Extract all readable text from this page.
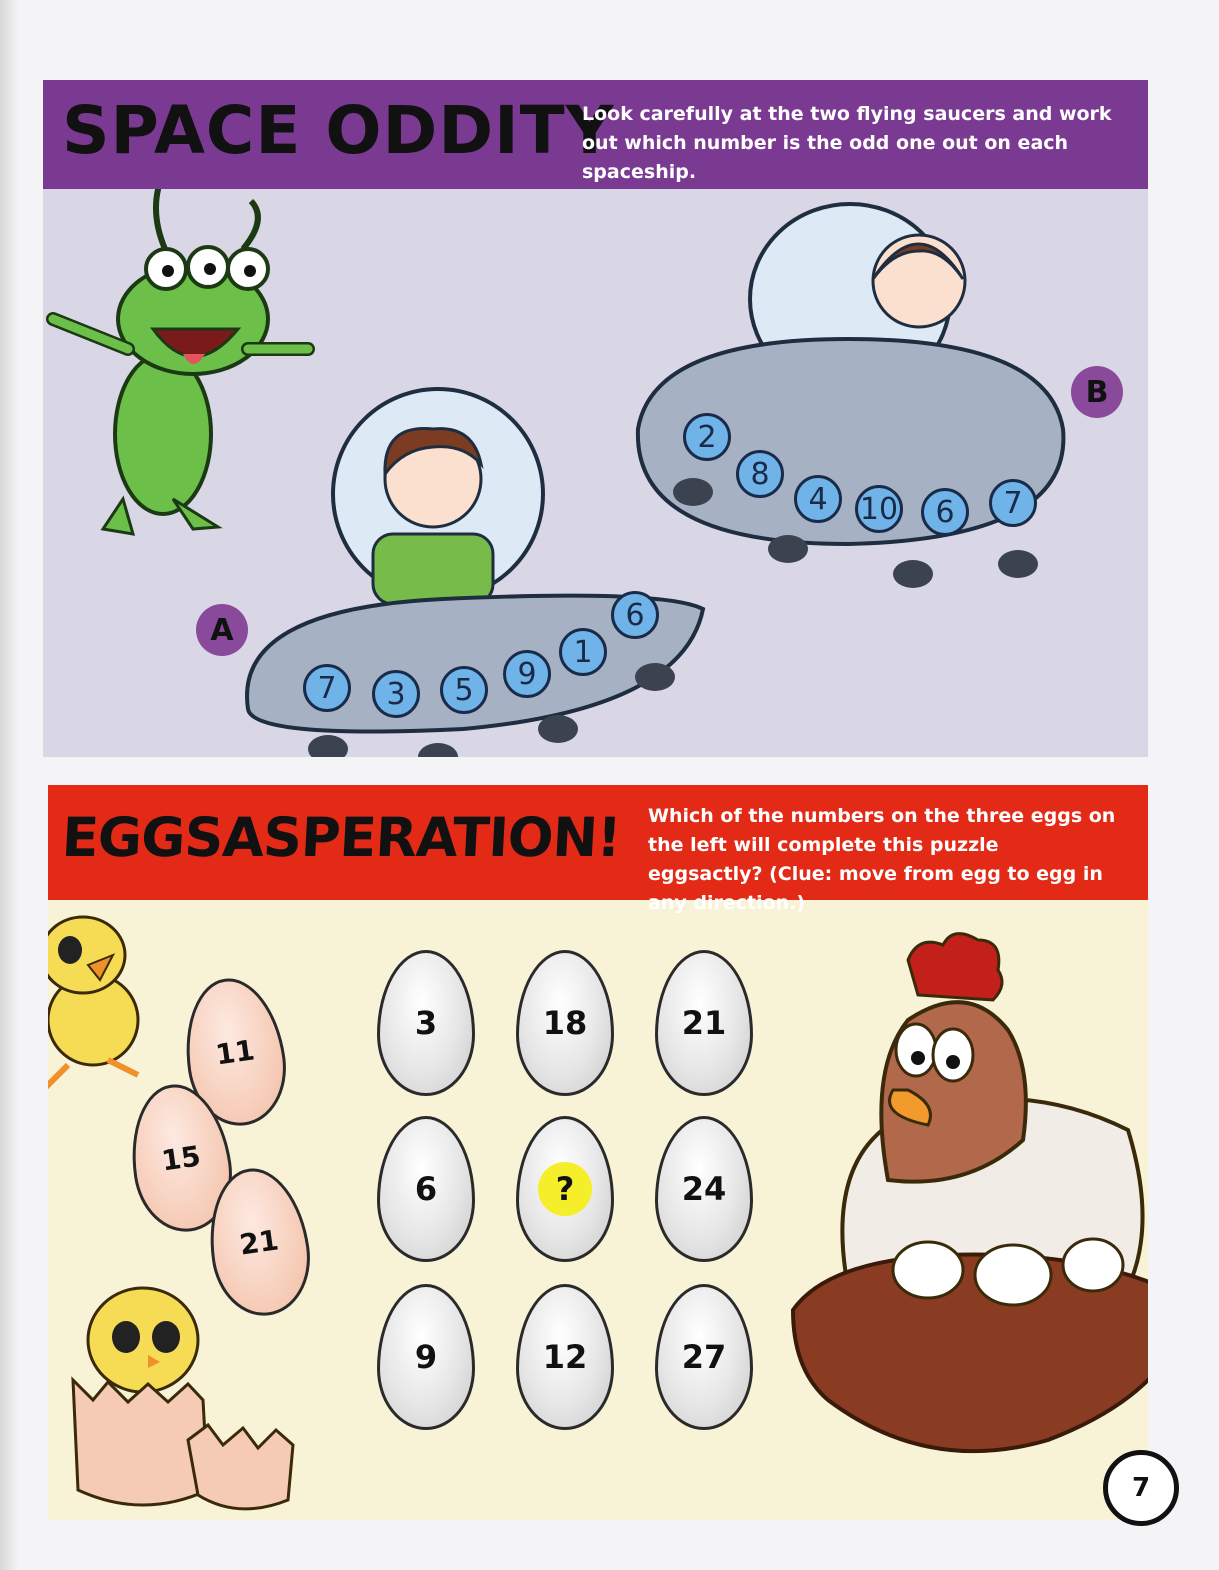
SPACE ODDITY
Look carefully at the two flying saucers and work out which number is the odd one out on each spaceship.
A
B
7	3	5	9
1
6
2
8
4	10	6	7
EGGSASPERATION! Which of the numbers on the three eggs on the left will complete this puzzle eggsactly? (Clue: move from egg to egg in any direction.)
11
15
21
3	18	21
6	?	24
9	12	27
7
